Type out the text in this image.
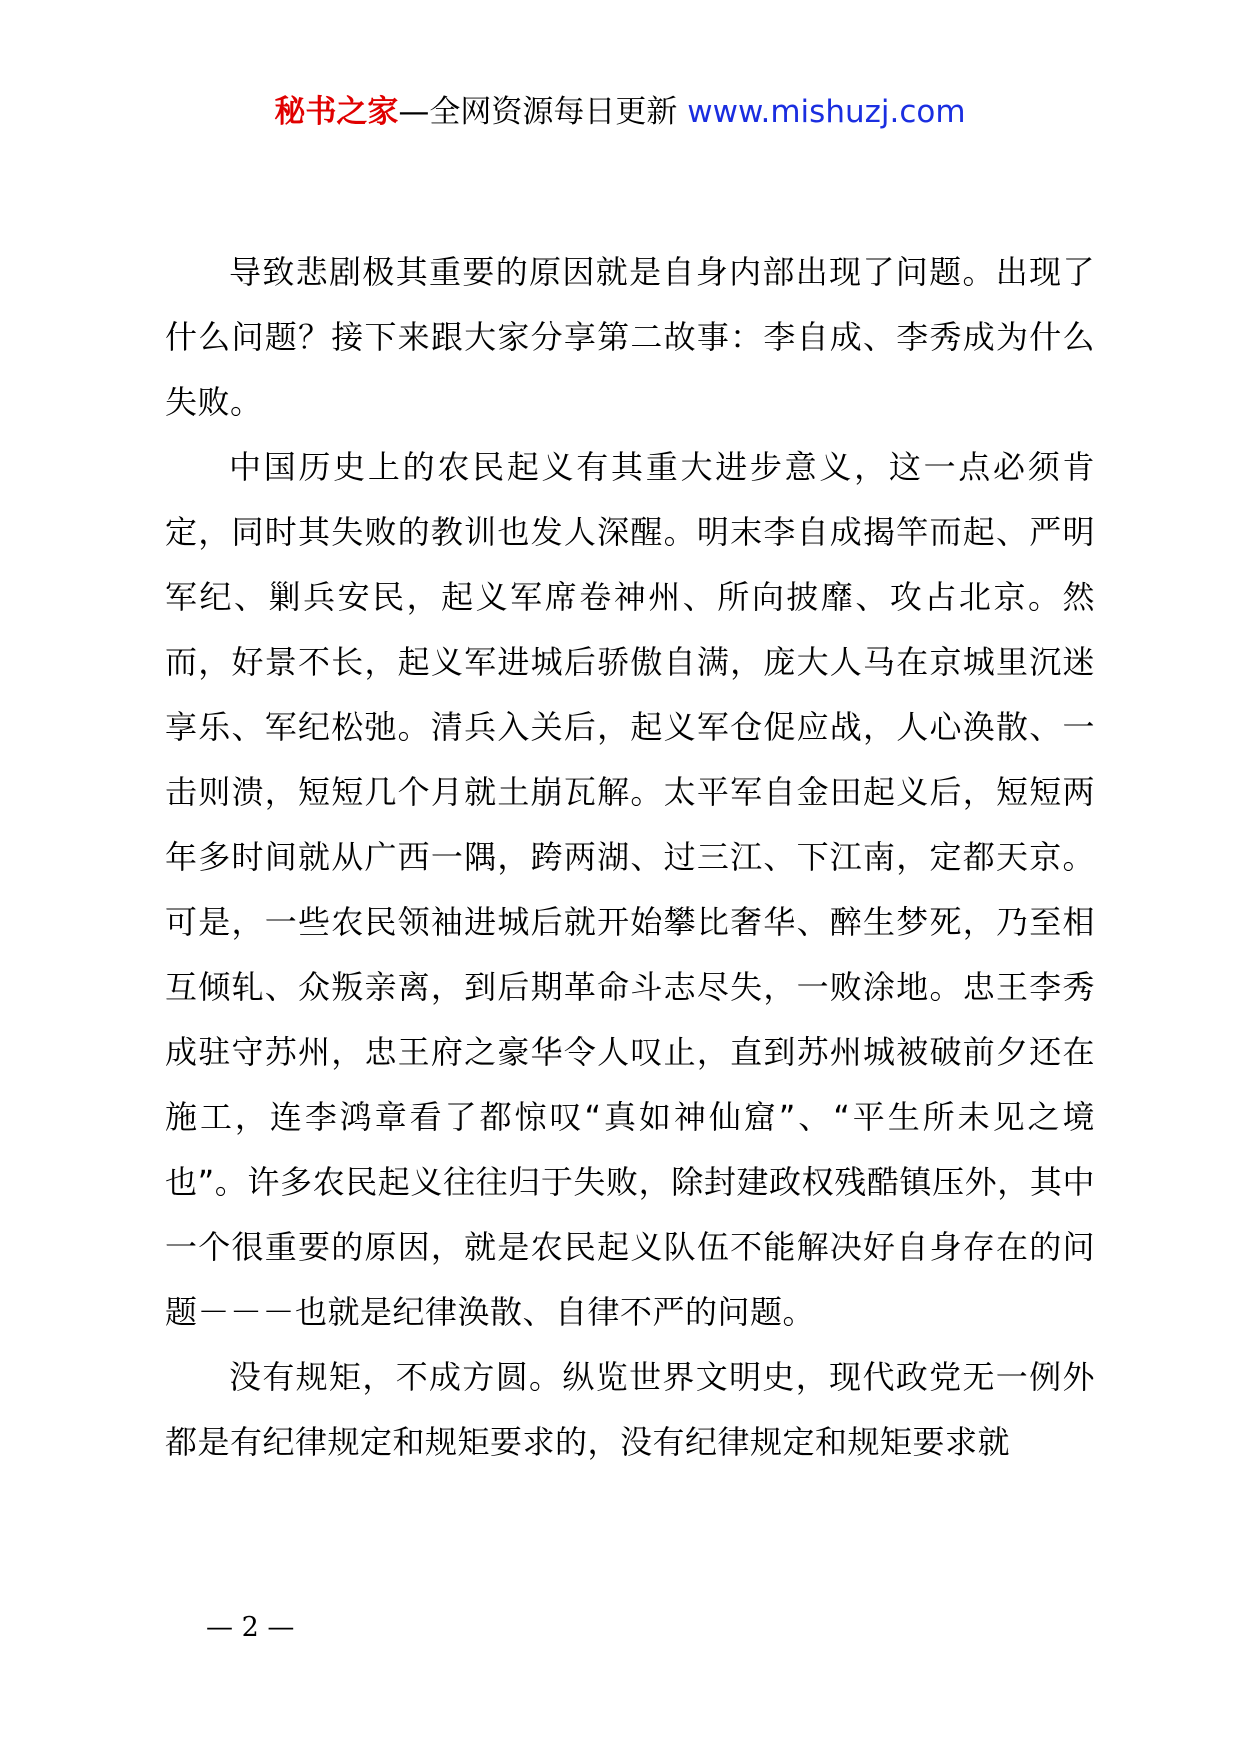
秘书之家—全网资源每日更新 www.mishuzj.com

导致悲剧极其重要的原因就是自身内部出现了问题。出现了什么问题？接下来跟大家分享第二故事：李自成、李秀成为什么失败。

中国历史上的农民起义有其重大进步意义，这一点必须肯定，同时其失败的教训也发人深醒。明末李自成揭竿而起、严明军纪、剿兵安民，起义军席卷神州、所向披靡、攻占北京。然而，好景不长，起义军进城后骄傲自满，庞大人马在京城里沉迷享乐、军纪松弛。清兵入关后，起义军仓促应战，人心涣散、一击则溃，短短几个月就土崩瓦解。太平军自金田起义后，短短两年多时间就从广西一隅，跨两湖、过三江、下江南，定都天京。可是，一些农民领袖进城后就开始攀比奢华、醉生梦死，乃至相互倾轧、众叛亲离，到后期革命斗志尽失，一败涂地。忠王李秀成驻守苏州，忠王府之豪华令人叹止，直到苏州城被破前夕还在施工，连李鸿章看了都惊叹“真如神仙窟”、“平生所未见之境也”。许多农民起义往往归于失败，除封建政权残酷镇压外，其中一个很重要的原因，就是农民起义队伍不能解决好自身存在的问题－－－也就是纪律涣散、自律不严的问题。

没有规矩，不成方圆。纵览世界文明史，现代政党无一例外都是有纪律规定和规矩要求的，没有纪律规定和规矩要求就

— 2 —
